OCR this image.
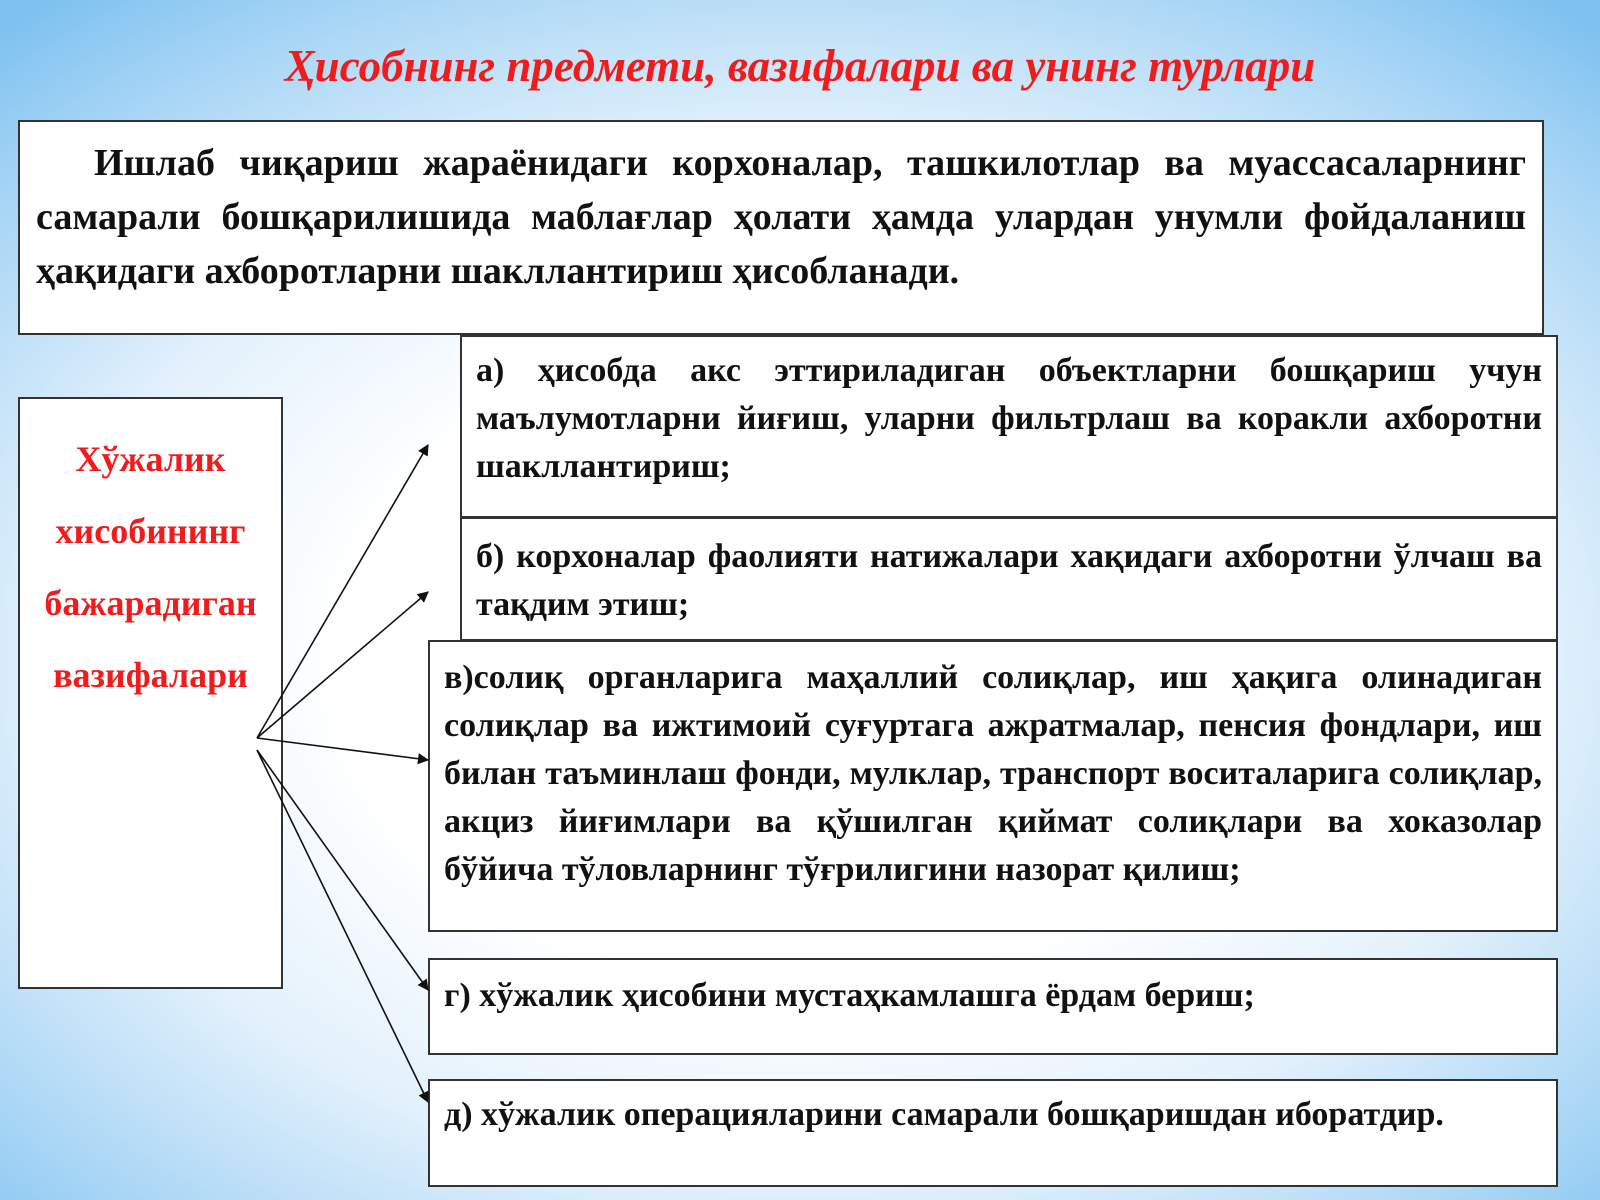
Ҳисобнинг предмети, вазифалари ва унинг турлари

Ишлаб чиқариш жараёнидаги корхоналар, ташкилотлар ва муассасаларнинг самарали бошқарилишида маблағлар ҳолати ҳамда улардан унумли фойдаланиш ҳақидаги ахборотларни шакллантириш ҳисобланади.

Хўжалик
хисобининг
бажарадиган
вазифалари

а) ҳисобда акс эттириладиган объектларни бошқариш учун маълумотларни йиғиш, уларни фильтрлаш ва коракли ахборотни шакллантириш;

б) корхоналар фаолияти натижалари хақидаги ахборотни ўлчаш ва тақдим этиш;

в)солиқ органларига маҳаллий солиқлар, иш ҳақига олинадиган солиқлар ва ижтимоий суғуртага ажратмалар, пенсия фондлари, иш билан таъминлаш фонди, мулклар, транспорт воситаларига солиқлар, акциз йиғимлари ва қўшилган қиймат солиқлари ва хоказолар бўйича тўловларнинг тўғрилигини назорат қилиш;

г) хўжалик ҳисобини мустаҳкамлашга ёрдам бериш;

д) хўжалик операцияларини самарали бошқаришдан иборатдир.
